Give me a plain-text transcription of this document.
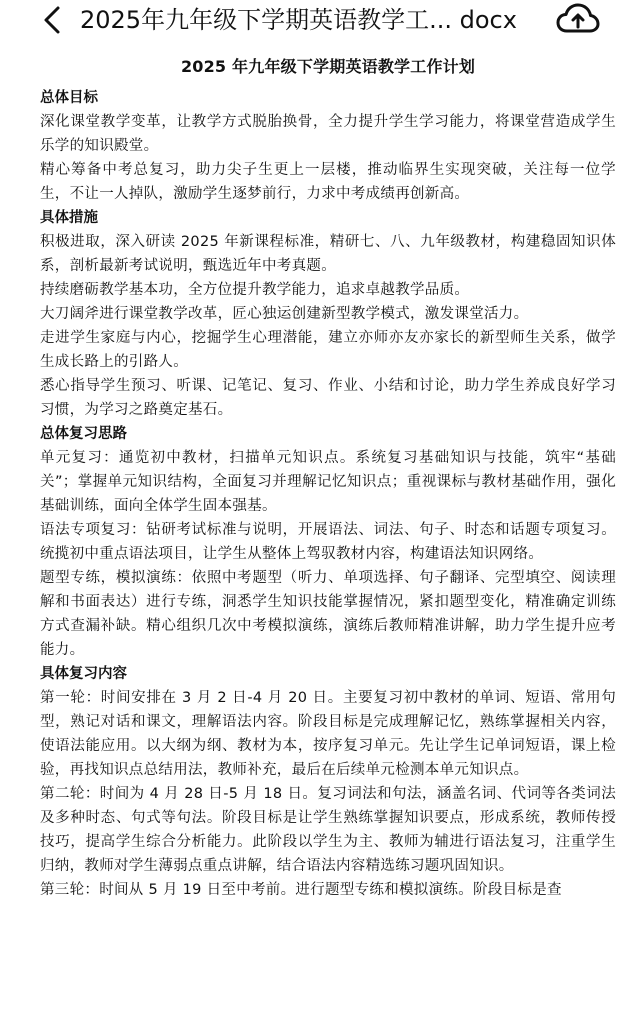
2025年九年级下学期英语教学工... docx
2025 年九年级下学期英语教学工作计划
总体目标

深化课堂教学变革，让教学方式脱胎换骨，全力提升学生学习能力，将课堂营造成学生乐学的知识殿堂。

精心筹备中考总复习，助力尖子生更上一层楼，推动临界生实现突破，关注每一位学生，不让一人掉队，激励学生逐梦前行，力求中考成绩再创新高。

具体措施

积极进取，深入研读 2025 年新课程标准，精研七、八、九年级教材，构建稳固知识体系，剖析最新考试说明，甄选近年中考真题。

持续磨砺教学基本功，全方位提升教学能力，追求卓越教学品质。

大刀阔斧进行课堂教学改革，匠心独运创建新型教学模式，激发课堂活力。

走进学生家庭与内心，挖掘学生心理潜能，建立亦师亦友亦家长的新型师生关系，做学生成长路上的引路人。

悉心指导学生预习、听课、记笔记、复习、作业、小结和讨论，助力学生养成良好学习习惯，为学习之路奠定基石。

总体复习思路

单元复习：通览初中教材，扫描单元知识点。系统复习基础知识与技能，筑牢“基础关”；掌握单元知识结构，全面复习并理解记忆知识点；重视课标与教材基础作用，强化基础训练，面向全体学生固本强基。

语法专项复习：钻研考试标准与说明，开展语法、词法、句子、时态和话题专项复习。统揽初中重点语法项目，让学生从整体上驾驭教材内容，构建语法知识网络。

题型专练，模拟演练：依照中考题型（听力、单项选择、句子翻译、完型填空、阅读理解和书面表达）进行专练，洞悉学生知识技能掌握情况，紧扣题型变化，精准确定训练方式查漏补缺。精心组织几次中考模拟演练，演练后教师精准讲解，助力学生提升应考能力。

具体复习内容

第一轮：时间安排在 3 月 2 日-4 月 20 日。主要复习初中教材的单词、短语、常用句型，熟记对话和课文，理解语法内容。阶段目标是完成理解记忆，熟练掌握相关内容，使语法能应用。以大纲为纲、教材为本，按序复习单元。先让学生记单词短语，课上检验，再找知识点总结用法，教师补充，最后在后续单元检测本单元知识点。

第二轮：时间为 4 月 28 日-5 月 18 日。复习词法和句法，涵盖名词、代词等各类词法及多种时态、句式等句法。阶段目标是让学生熟练掌握知识要点，形成系统，教师传授技巧，提高学生综合分析能力。此阶段以学生为主、教师为辅进行语法复习，注重学生归纳，教师对学生薄弱点重点讲解，结合语法内容精选练习题巩固知识。

第三轮：时间从 5 月 19 日至中考前。进行题型专练和模拟演练。阶段目标是查
